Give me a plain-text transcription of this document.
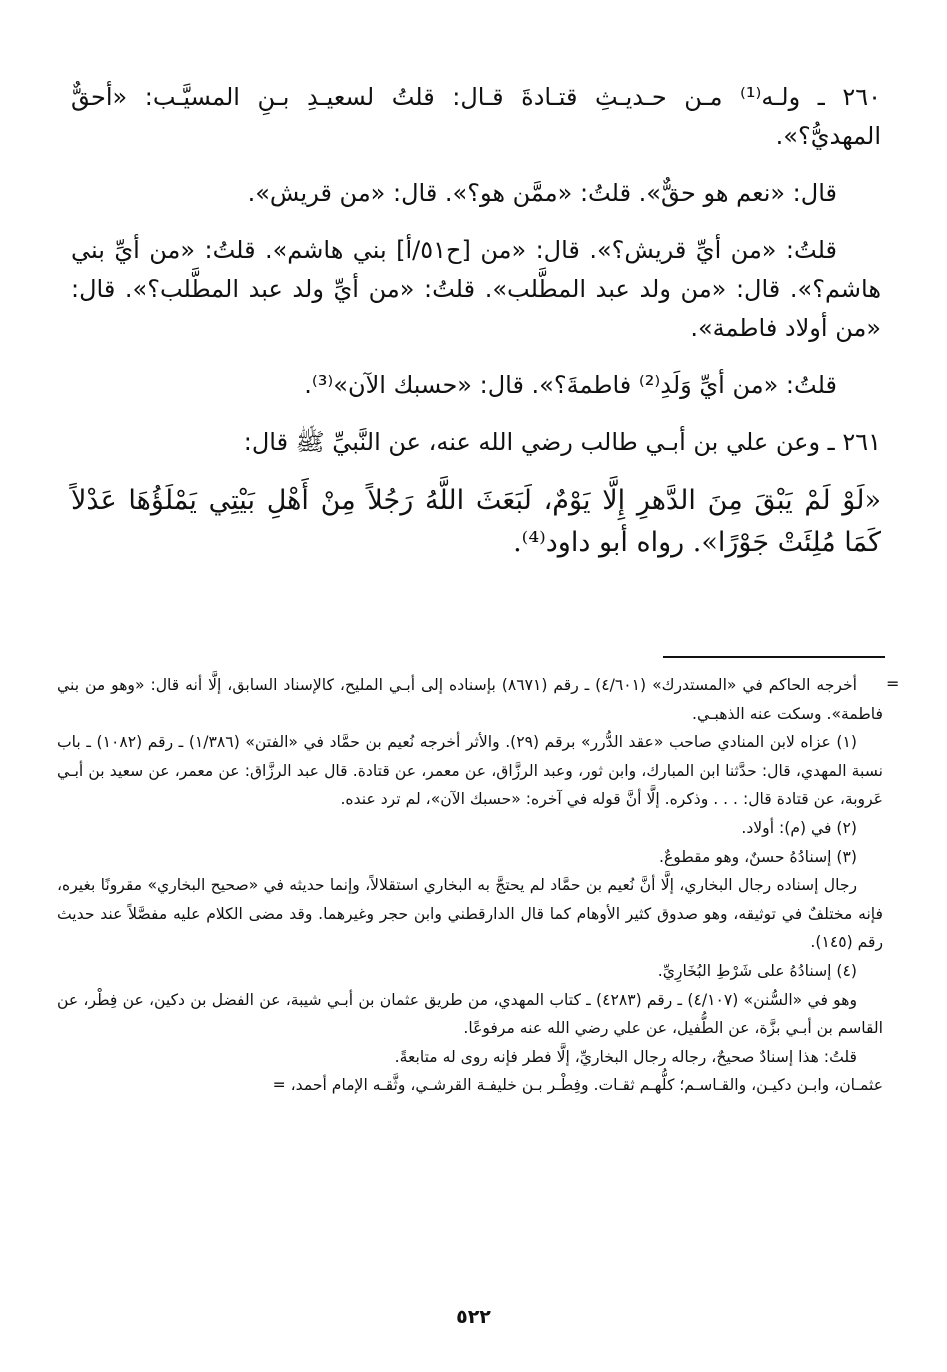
٢٦٠ ـ ولـه⁽¹⁾ مـن حـديـثِ قتـادةَ قـال: قلتُ لسعيـدِ بـنِ المسيَّـب: «أحقٌّ المهديُّ؟».

قال: «نعم هو حقٌّ». قلتُ: «ممَّن هو؟». قال: «من قريش».

قلتُ: «من أيِّ قريش؟». قال: «من [ح٥١/أ] بني هاشم». قلتُ: «من أيِّ بني هاشم؟». قال: «من ولد عبد المطَّلب». قلتُ: «من أيِّ ولد عبد المطَّلب؟». قال: «من أولاد فاطمة».

قلتُ: «من أيِّ وَلَدِ⁽²⁾ فاطمةَ؟». قال: «حسبك الآن»⁽³⁾.

٢٦١ ـ وعن علي بن أبـي طالب رضي الله عنه، عن النَّبيِّ ﷺ قال:

«لَوْ لَمْ يَبْقَ مِنَ الدَّهرِ إِلَّا يَوْمٌ، لَبَعَثَ اللَّهُ رَجُلاً مِنْ أَهْلِ بَيْتِي يَمْلَؤُهَا عَدْلاً كَمَا مُلِئَتْ جَوْرًا». رواه أبو داود⁽⁴⁾.

=

أخرجه الحاكم في «المستدرك» (٤/٦٠١) ـ رقم (٨٦٧١) بإسناده إلى أبـي المليح، كالإسناد السابق، إلَّا أنه قال: «وهو من بني فاطمة». وسكت عنه الذهبـي.

(١) عزاه لابن المنادي صاحب «عقد الدُّرر» برقم (٢٩). والأثر أخرجه نُعيم بن حمَّاد في «الفتن» (١/٣٨٦) ـ رقم (١٠٨٢) ـ باب نسبة المهدي، قال: حدَّثنا ابن المبارك، وابن ثور، وعبد الرزَّاق، عن معمر، عن قتادة. قال عبد الرزَّاق: عن معمر، عن سعيد بن أبـي عَروبة، عن قتادة قال: . . . وذكره. إلَّا أنَّ قوله في آخره: «حسبك الآن»، لم ترد عنده.

(٢) في (م): أولاد.

(٣) إسنادُهُ حسنٌ، وهو مقطوعٌ.

رجال إسناده رجال البخاري، إلَّا أنَّ نُعيم بن حمَّاد لم يحتجَّ به البخاري استقلالاً، وإنما حديثه في «صحيح البخاري» مقرونًا بغيره، فإنه مختلفٌ في توثيقه، وهو صدوق كثير الأوهام كما قال الدارقطني وابن حجر وغيرهما. وقد مضى الكلام عليه مفصَّلاً عند حديث رقم (١٤٥).

(٤) إسنادُهُ على شَرْطِ البُخَارِيِّ.

وهو في «السُّنن» (٤/١٠٧) ـ رقم (٤٢٨٣) ـ كتاب المهدي، من طريق عثمان بن أبـي شيبة، عن الفضل بن دكين، عن فِطْر، عن القاسم بن أبـي بزَّة، عن الطُّفيل، عن علي رضي الله عنه مرفوعًا.

قلتُ: هذا إسنادٌ صحيحٌ، رجاله رجال البخاريِّ، إلَّا فطر فإنه روى له متابعةً.

عثمـان، وابـن دكيـن، والقـاسـم؛ كلُّهـم ثقـات. وفِطْـر بـن خليفـة القرشـي، وثَّقـه الإمام أحمد، =

٥٢٢
